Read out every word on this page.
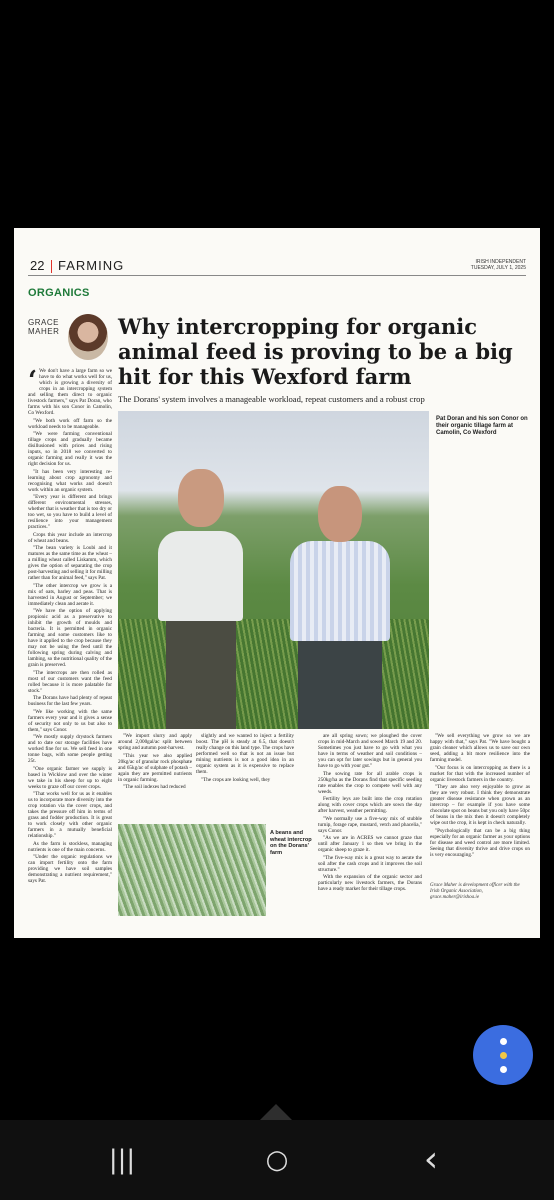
22 FARMING	IRISH INDEPENDENT
TUESDAY, JULY 1, 2025
ORGANICS
GRACE
MAHER	Why intercropping for organic animal feed is proving to be a big hit for this Wexford farm
The Dorans' system involves a manageable workload, repeat customers and a robust crop
Pat Doran and his son Conor on their organic tillage farm at Camolin, Co Wexford

‘ We don't have a large farm so we have to do what works well for us, which is growing a diversity of crops in an intercropping system and selling them direct to organic livestock farmers," says Pat Doran, who farms with his son Conor in Camolin, Co Wexford.

"We both work off farm so the workload needs to be manageable.

"We were farming conventional tillage crops and gradually became disillusioned with prices and rising inputs, so in 2018 we converted to organic farming and really it was the right decision for us.

"It has been very interesting re-learning about crop agronomy and recognising what works and doesn't work within an organic system.

"Every year is different and brings different environmental stresses, whether that is weather that is too dry or too wet, so you have to build a level of resilience into your management practices."

Crops this year include an intercrop of wheat and beans.

"The bean variety is Loubi and it matures as the same time as the wheat – a milling wheat called Liskamm, which gives the option of separating the crop post-harvesting and selling it for milling rather than for animal feed," says Pat.

"The other intercrop we grow is a mix of oats, barley and peas. That is harvested in August or September; we immediately clean and aerate it.

"We have the option of applying propionic acid as a preservative to inhibit the growth of moulds and bacteria. It is permitted in organic farming and some customers like to have it applied to the crop because they may not be using the feed until the following spring during calving and lambing, so the nutritional quality of the grain is preserved.

"The intercrops are then rolled as most of our customers want the feed rolled because it is more palatable for stock."

The Dorans have had plenty of repeat business for the last few years.

"We like working with the same farmers every year and it gives a sense of security not only to us but also to them," says Conor.

"We mostly supply drystock farmers and to date our storage facilities have worked fine for us. We sell feed in one tonne bags, with some people getting 25t.

"One organic farmer we supply is based in Wicklow and over the winter we take in his sheep for up to eight weeks to graze off our cover crops.

"That works well for us as it enables us to incorporate more diversity into the crop rotation via the cover crops, and takes the pressure off him in terms of grass and fodder production. It is great to work closely with other organic farmers in a mutually beneficial relationship."

As the farm is stockless, managing nutrients is one of the main concerns.

"Under the organic regulations we can import fertility onto the farm providing we have soil samples demonstrating a nutrient requirement," says Pat.

"We import slurry and apply around 2,000gal/ac split between spring and autumn post-harvest.

"This year we also applied 20kg/ac of granular rock phosphate and 65kg/ac of sulphate of potash – again they are permitted nutrients in organic farming.

"The soil indexes had reduced

slightly and we wanted to inject a fertility boost. The pH is steady at 6.5, that doesn't really change on this land type. The crops have performed well so that is not an issue but mining nutrients is not a good idea in an organic system as it is expensive to replace them.

"The crops are looking well, they

are all spring sown; we ploughed the cover crops in mid-March and sowed March 19 and 20. Sometimes you just have to go with what you have in terms of weather and soil conditions – you can opt for later sowings but in general you have to go with your gut."

The sowing rate for all arable crops is 250kg/ha as the Dorans find that specific seeding rate enables the crop to compete well with any weeds.

Fertility leys are built into the crop rotation along with cover crops which are sown the day after harvest, weather permitting.

"We normally use a five-way mix of stubble turnip, forage rape, mustard, vetch and phacelia," says Conor.

"As we are in ACRES we cannot graze that until after January 1 so then we bring in the organic sheep to graze it.

"The five-way mix is a great way to aerate the soil after the cash crops and it improves the soil structure."

With the expansion of the organic sector and particularly new livestock farmers, the Dorans have a ready market for their tillage crops.

"We sell everything we grow so we are happy with that," says Pat. "We have bought a grain cleaner which allows us to save our own seed, adding a bit more resilience into the farming model.

"Our focus is on intercropping as there is a market for that with the increased number of organic livestock farmers in the country.

"They are also very enjoyable to grow as they are very robust. I think they demonstrate greater disease resistance when grown as an intercrop – for example if you have some chocolate spot on beans but you only have 50pc of beans in the mix then it doesn't completely wipe out the crop, it is kept in check naturally.

"Psychologically that can be a big thing especially for an organic farmer as your options for disease and weed control are more limited. Seeing that diversity thrive and drive crops on is very encouraging."

A beans and wheat intercrop on the Dorans' farm
Grace Maher is development officer with the Irish Organic Association, grace.maher@irishoa.ie
|||	○	‹
